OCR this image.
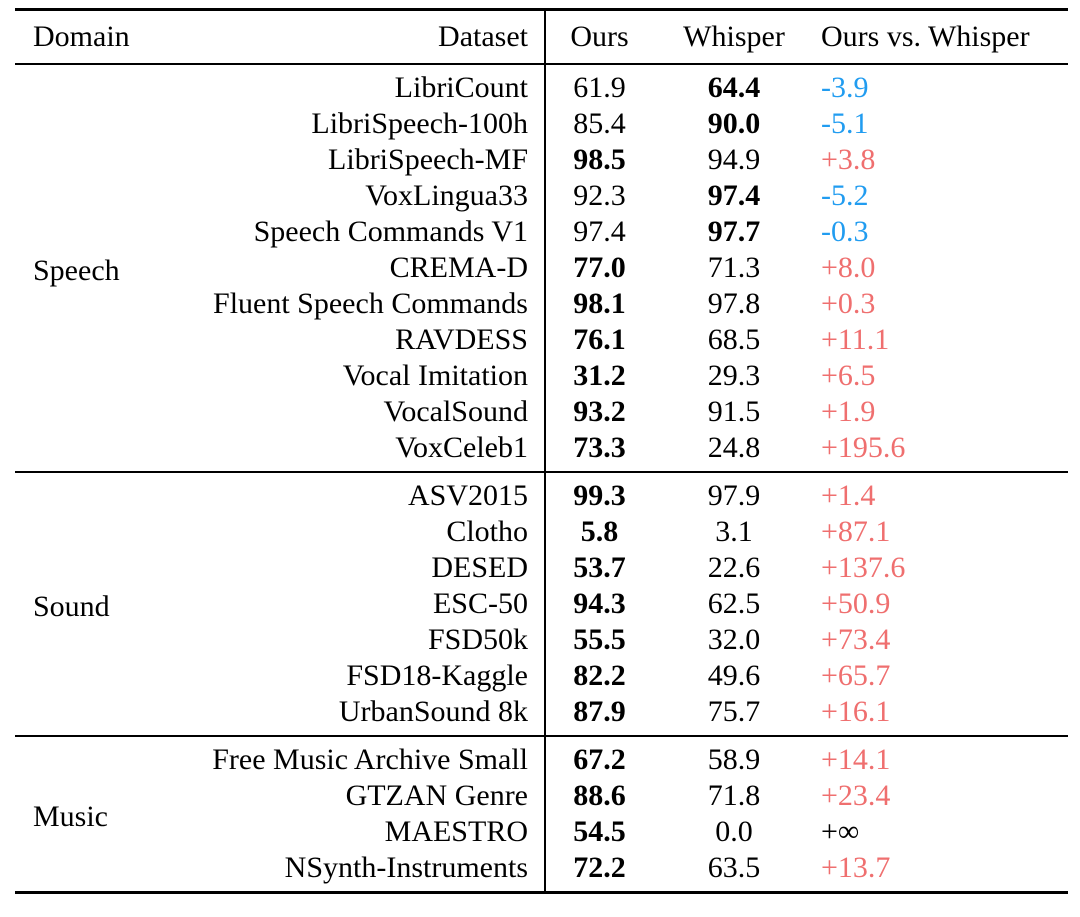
Domain	Dataset	Ours	Whisper	Ours vs. Whisper
Speech	LibriCount	61.9	64.4	-3.9
	LibriSpeech-100h	85.4	90.0	-5.1
	LibriSpeech-MF	98.5	94.9	+3.8
	VoxLingua33	92.3	97.4	-5.2
	Speech Commands V1	97.4	97.7	-0.3
	CREMA-D	77.0	71.3	+8.0
	Fluent Speech Commands	98.1	97.8	+0.3
	RAVDESS	76.1	68.5	+11.1
	Vocal Imitation	31.2	29.3	+6.5
	VocalSound	93.2	91.5	+1.9
	VoxCeleb1	73.3	24.8	+195.6
Sound	ASV2015	99.3	97.9	+1.4
	Clotho	5.8	3.1	+87.1
	DESED	53.7	22.6	+137.6
	ESC-50	94.3	62.5	+50.9
	FSD50k	55.5	32.0	+73.4
	FSD18-Kaggle	82.2	49.6	+65.7
	UrbanSound 8k	87.9	75.7	+16.1
Music	Free Music Archive Small	67.2	58.9	+14.1
	GTZAN Genre	88.6	71.8	+23.4
	MAESTRO	54.5	0.0	+∞
	NSynth-Instruments	72.2	63.5	+13.7
